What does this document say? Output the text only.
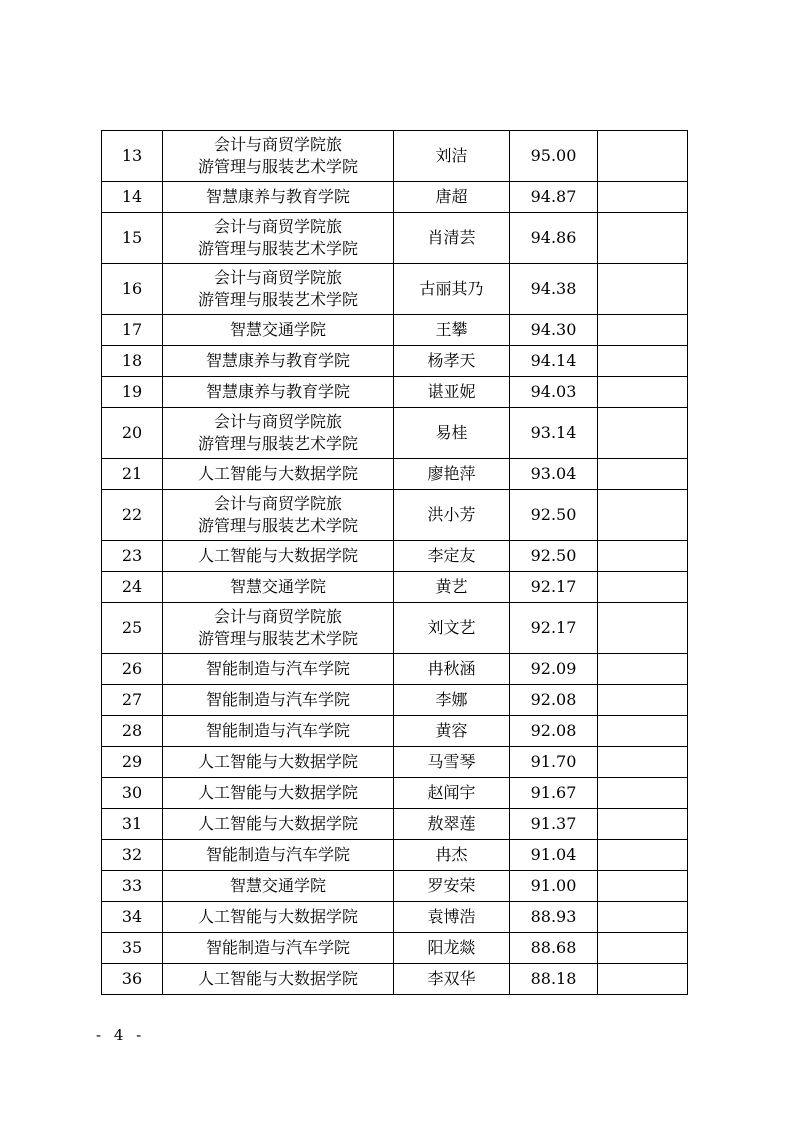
13	会计与商贸学院旅
游管理与服装艺术学院	刘洁	95.00	
14	智慧康养与教育学院	唐超	94.87	
15	会计与商贸学院旅
游管理与服装艺术学院	肖清芸	94.86	
16	会计与商贸学院旅
游管理与服装艺术学院	古丽其乃	94.38	
17	智慧交通学院	王攀	94.30	
18	智慧康养与教育学院	杨孝天	94.14	
19	智慧康养与教育学院	谌亚妮	94.03	
20	会计与商贸学院旅
游管理与服装艺术学院	易桂	93.14	
21	人工智能与大数据学院	廖艳萍	93.04	
22	会计与商贸学院旅
游管理与服装艺术学院	洪小芳	92.50	
23	人工智能与大数据学院	李定友	92.50	
24	智慧交通学院	黄艺	92.17	
25	会计与商贸学院旅
游管理与服装艺术学院	刘文艺	92.17	
26	智能制造与汽车学院	冉秋涵	92.09	
27	智能制造与汽车学院	李娜	92.08	
28	智能制造与汽车学院	黄容	92.08	
29	人工智能与大数据学院	马雪琴	91.70	
30	人工智能与大数据学院	赵闻宇	91.67	
31	人工智能与大数据学院	敖翠莲	91.37	
32	智能制造与汽车学院	冉杰	91.04	
33	智慧交通学院	罗安荣	91.00	
34	人工智能与大数据学院	袁博浩	88.93	
35	智能制造与汽车学院	阳龙燚	88.68	
36	人工智能与大数据学院	李双华	88.18	
- 4 -
